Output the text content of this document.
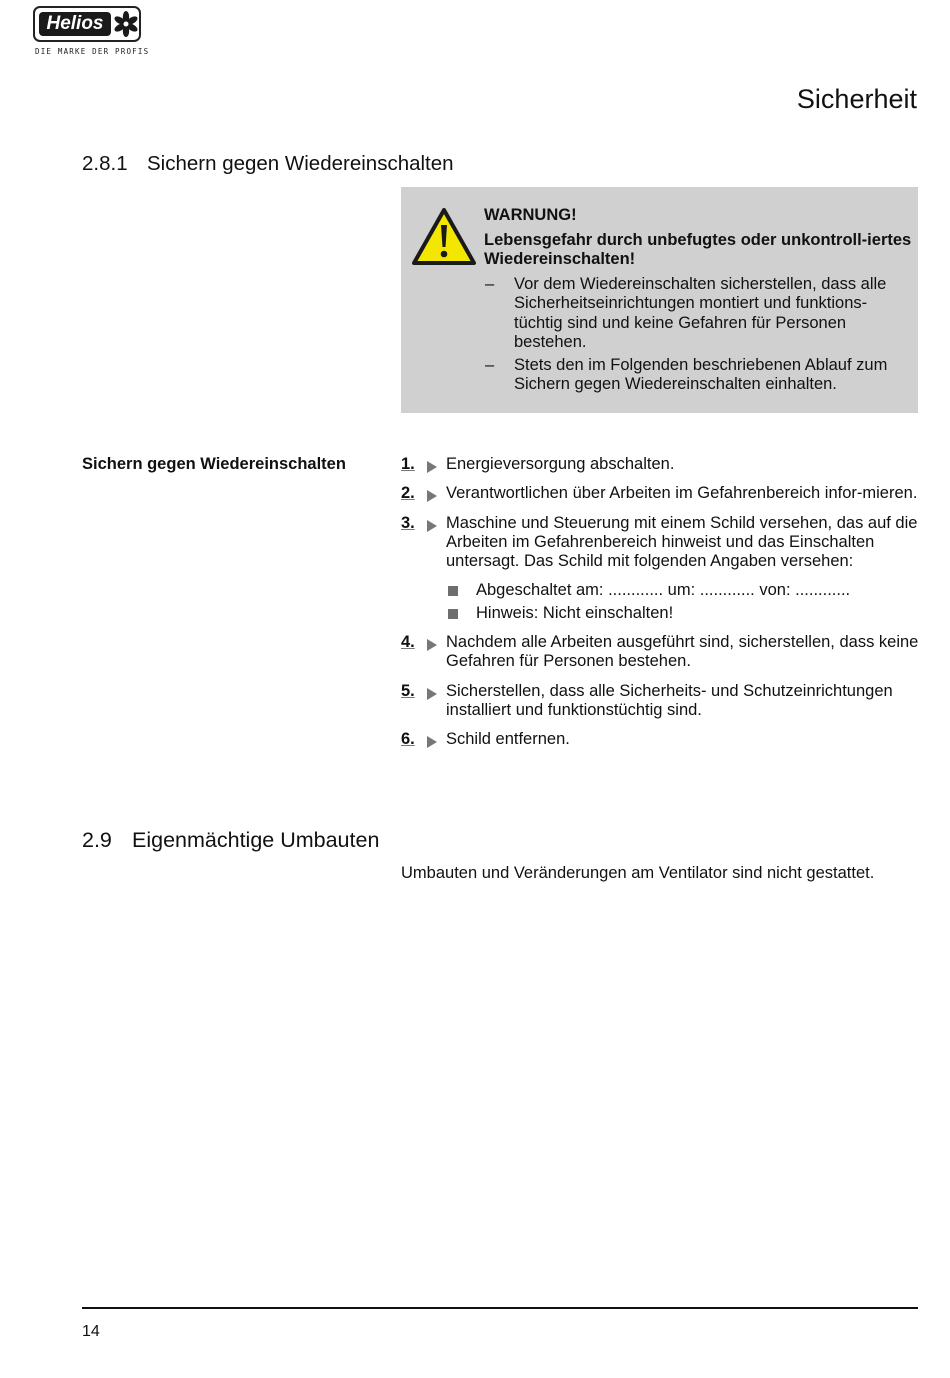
Helios
DIE MARKE DER PROFIS
Sicherheit
2.8.1 Sichern gegen Wiedereinschalten
WARNUNG!
Lebensgefahr durch unbefugtes oder unkontroll-iertes Wiedereinschalten!
– Vor dem Wiedereinschalten sicherstellen, dass alle Sicherheitseinrichtungen montiert und funktions-tüchtig sind und keine Gefahren für Personen bestehen.
– Stets den im Folgenden beschriebenen Ablauf zum Sichern gegen Wiedereinschalten einhalten.

Sichern gegen Wiedereinschalten	1. Energieversorgung abschalten.
2. Verantwortlichen über Arbeiten im Gefahrenbereich infor-mieren.
3. Maschine und Steuerung mit einem Schild versehen, das auf die Arbeiten im Gefahrenbereich hinweist und das Einschalten untersagt. Das Schild mit folgenden Angaben versehen:
Abgeschaltet am: ............ um: ............ von: ............
Hinweis: Nicht einschalten!
4. Nachdem alle Arbeiten ausgeführt sind, sicherstellen, dass keine Gefahren für Personen bestehen.
5. Sicherstellen, dass alle Sicherheits- und Schutzeinrichtungen installiert und funktionstüchtig sind.
6. Schild entfernen.
2.9 Eigenmächtige Umbauten

Umbauten und Veränderungen am Ventilator sind nicht gestattet.

14
